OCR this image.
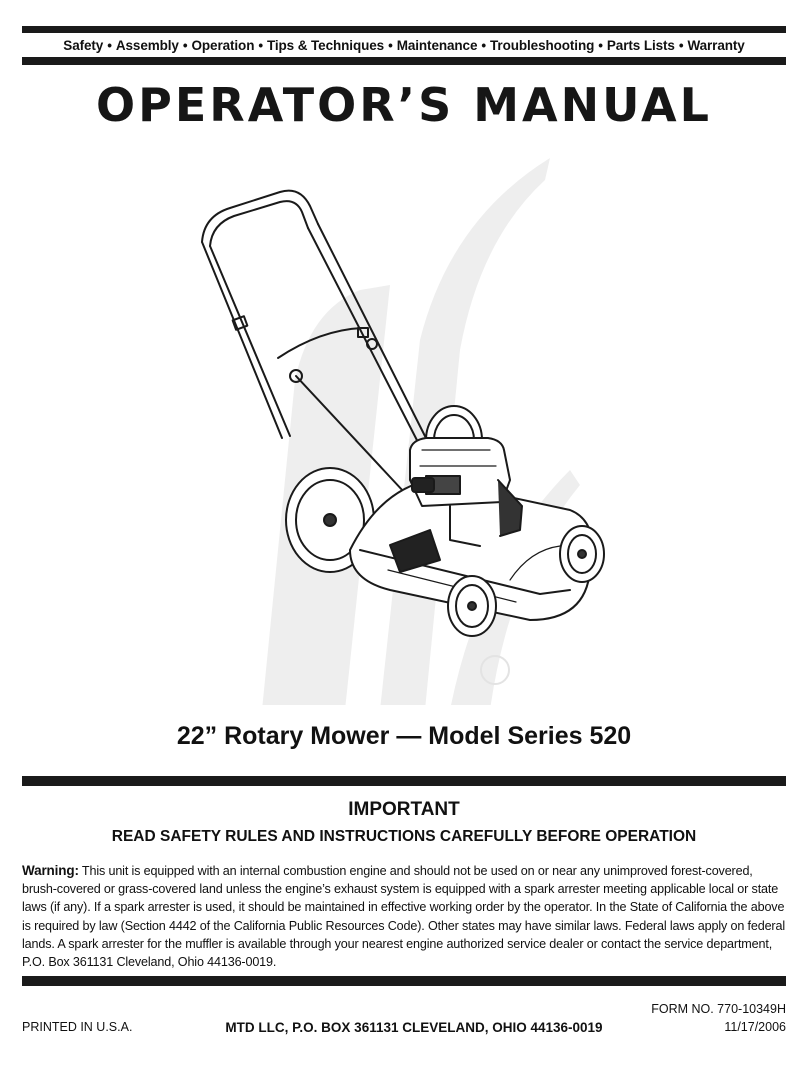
Safety • Assembly • Operation • Tips & Techniques • Maintenance • Troubleshooting • Parts Lists • Warranty
OPERATOR’S MANUAL
22” Rotary Mower — Model Series 520
IMPORTANT
READ SAFETY RULES AND INSTRUCTIONS CAREFULLY BEFORE OPERATION
Warning: This unit is equipped with an internal combustion engine and should not be used on or near any unimproved forest-covered, brush-covered or grass-covered land unless the engine’s exhaust system is equipped with a spark arrester meeting applicable local or state laws (if any). If a spark arrester is used, it should be maintained in effective working order by the operator. In the State of California the above is required by law (Section 4442 of the California Public Resources Code). Other states may have similar laws. Federal laws apply on federal lands. A spark arrester for the muffler is available through your nearest engine authorized service dealer or contact the service department, P.O. Box 361131 Cleveland, Ohio 44136-0019.
PRINTED IN U.S.A.	MTD LLC, P.O. BOX 361131 CLEVELAND, OHIO 44136-0019
FORM NO. 770-10349H
11/17/2006
